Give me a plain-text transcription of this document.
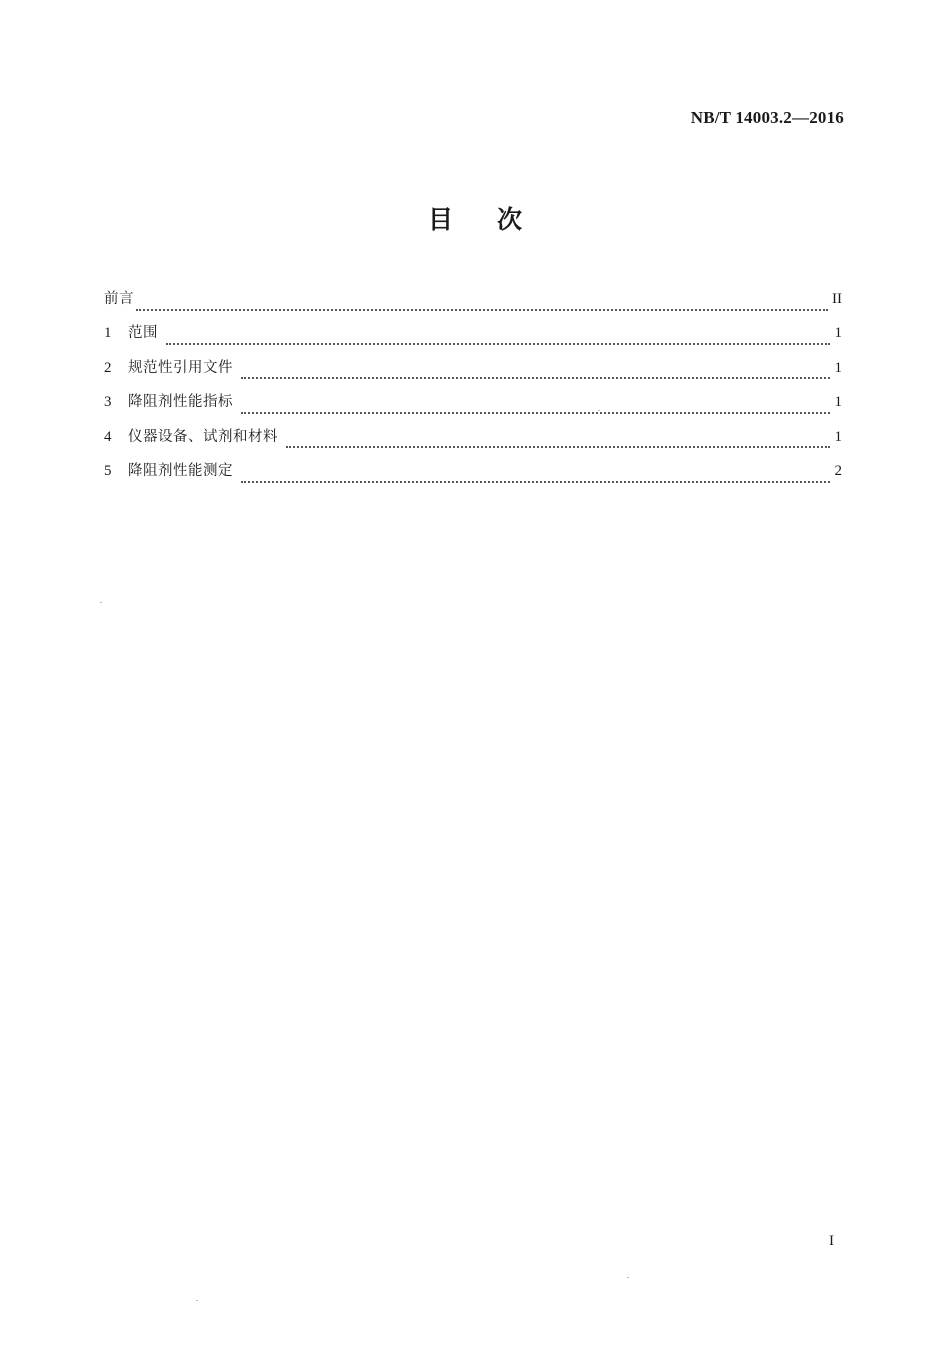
NB/T 14003.2—2016
目次
前言	II
1	范围	1
2	规范性引用文件	1
3	降阻剂性能指标	1
4	仪器设备、试剂和材料	1
5	降阻剂性能测定	2
I
